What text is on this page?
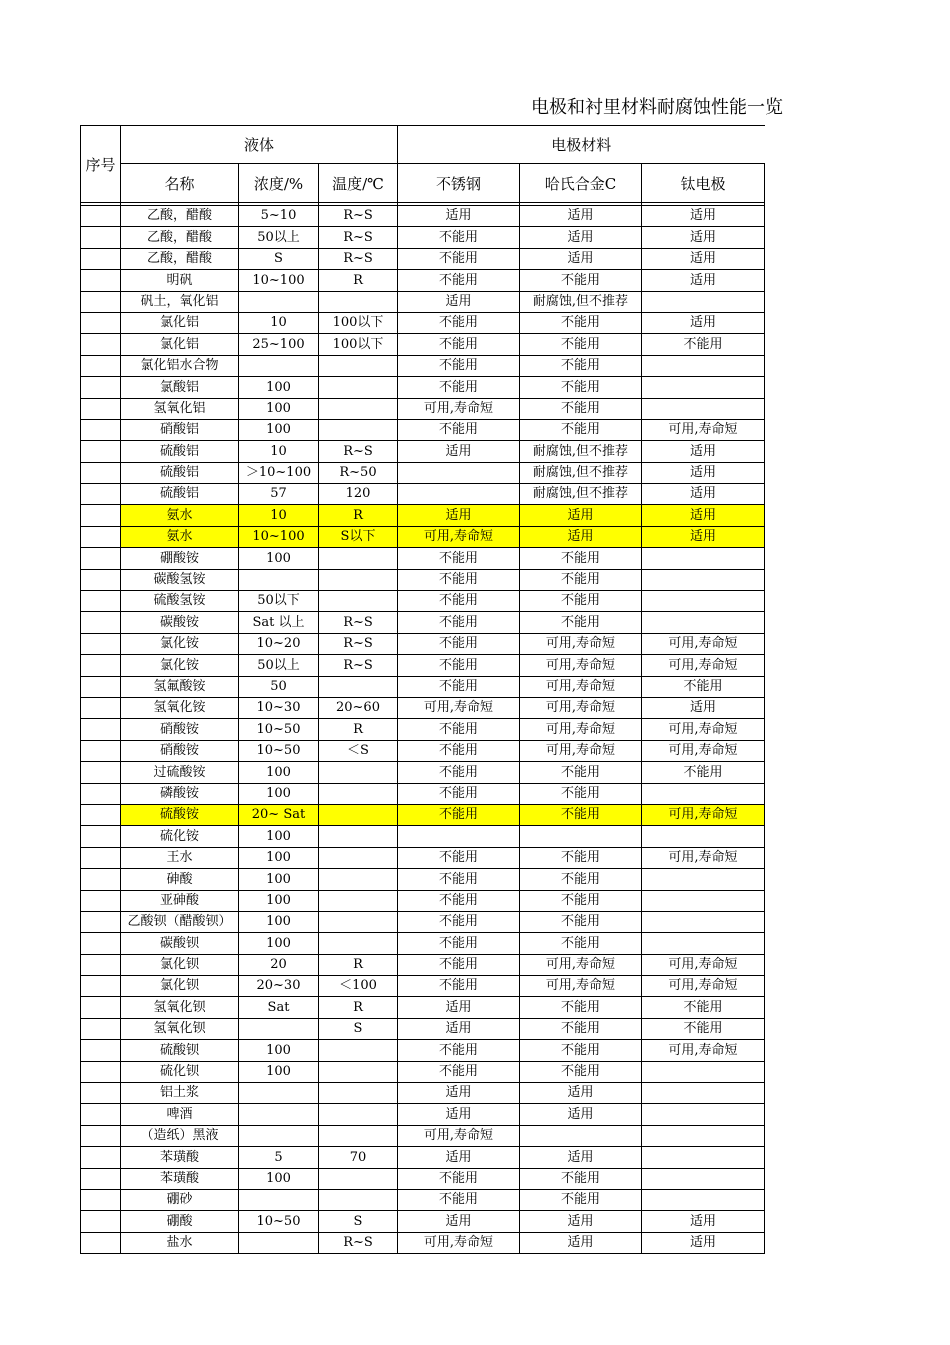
电极和衬里材料耐腐蚀性能一览
序号	液体			电极材料		
	名称	浓度/%	温度/℃	不锈钢	哈氏合金C	钛电极

	乙酸，醋酸	5~10	R~S	适用	适用	适用
	乙酸，醋酸	50以上	R~S	不能用	适用	适用
	乙酸，醋酸	S	R~S	不能用	适用	适用
	明矾	10~100	R	不能用	不能用	适用
	矾土，氧化铝			适用	耐腐蚀,但不推荐	
	氯化铝	10	100以下	不能用	不能用	适用
	氯化铝	25~100	100以下	不能用	不能用	不能用
	氯化铝水合物			不能用	不能用	
	氯酸铝	100		不能用	不能用	
	氢氧化铝	100		可用,寿命短	不能用	
	硝酸铝	100		不能用	不能用	可用,寿命短
	硫酸铝	10	R~S	适用	耐腐蚀,但不推荐	适用
	硫酸铝	＞10~100	R~50		耐腐蚀,但不推荐	适用
	硫酸铝	57	120		耐腐蚀,但不推荐	适用
	氨水	10	R	适用	适用	适用
	氨水	10~100	S以下	可用,寿命短	适用	适用
	硼酸铵	100		不能用	不能用	
	碳酸氢铵			不能用	不能用	
	硫酸氢铵	50以下		不能用	不能用	
	碳酸铵	Sat 以上	R~S	不能用	不能用	
	氯化铵	10~20	R~S	不能用	可用,寿命短	可用,寿命短
	氯化铵	50以上	R~S	不能用	可用,寿命短	可用,寿命短
	氢氟酸铵	50		不能用	可用,寿命短	不能用
	氢氧化铵	10~30	20~60	可用,寿命短	可用,寿命短	适用
	硝酸铵	10~50	R	不能用	可用,寿命短	可用,寿命短
	硝酸铵	10~50	＜S	不能用	可用,寿命短	可用,寿命短
	过硫酸铵	100		不能用	不能用	不能用
	磷酸铵	100		不能用	不能用	
	硫酸铵	20~ Sat		不能用	不能用	可用,寿命短
	硫化铵	100				
	王水	100		不能用	不能用	可用,寿命短
	砷酸	100		不能用	不能用	
	亚砷酸	100		不能用	不能用	
	乙酸钡（醋酸钡）	100		不能用	不能用	
	碳酸钡	100		不能用	不能用	
	氯化钡	20	R	不能用	可用,寿命短	可用,寿命短
	氯化钡	20~30	＜100	不能用	可用,寿命短	可用,寿命短
	氢氧化钡	Sat	R	适用	不能用	不能用
	氢氧化钡		S	适用	不能用	不能用
	硫酸钡	100		不能用	不能用	可用,寿命短
	硫化钡	100		不能用	不能用	
	铝土浆			适用	适用	
	啤酒			适用	适用	
	（造纸）黑液			可用,寿命短		
	苯璜酸	5	70	适用	适用	
	苯璜酸	100		不能用	不能用	
	硼砂			不能用	不能用	
	硼酸	10~50	S	适用	适用	适用
	盐水		R~S	可用,寿命短	适用	适用
